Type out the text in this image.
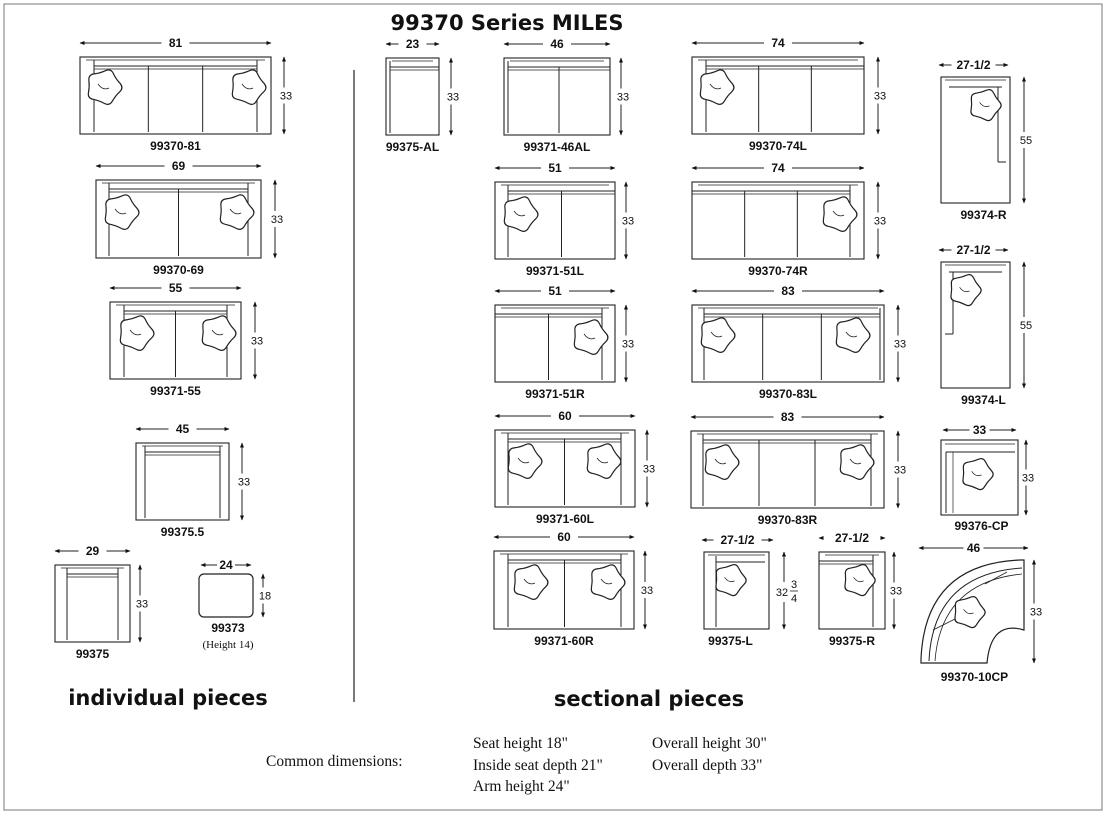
99370 Series MILES
individual pieces	sectional pieces
81
33
99370-81
69
33
99370-69
55
33
99371-55
45
33
99375.5
29
33
99375
23
33
99375-AL
46
33
99371-46AL
74
33
99370-74L
51
33
99371-51L
74
33
99370-74R
51
33
99371-51R
83
33
99370-83L
60
33
99371-60L
83
33
99370-83R
60
33
99371-60R
27-1/2
33
99375-R
27-1/2
32
3
4
99375-L
24
18
99373
(Height 14)
27-1/2
55
99374-R
27-1/2
55
99374-L
33
33
99376-CP
46
33
99370-10CP
Common dimensions:
Seat height 18"
Inside seat depth 21"
Arm height 24"
Overall height 30"
Overall depth 33"
